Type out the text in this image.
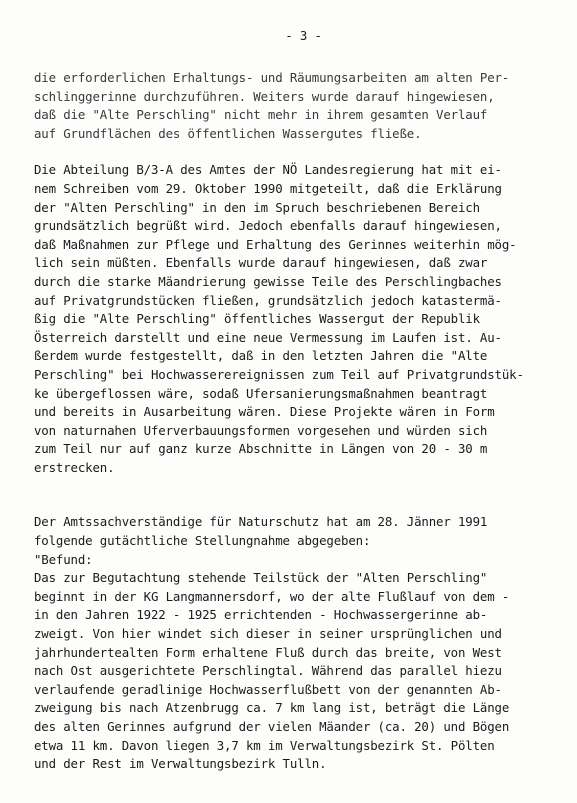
- 3 -

die erforderlichen Erhaltungs- und Räumungsarbeiten am alten Per-
schlinggerinne durchzuführen. Weiters wurde darauf hingewiesen,
daß die "Alte Perschling" nicht mehr in ihrem gesamten Verlauf
auf Grundflächen des öffentlichen Wassergutes fließe.

Die Abteilung B/3-A des Amtes der NÖ Landesregierung hat mit ei-
nem Schreiben vom 29. Oktober 1990 mitgeteilt, daß die Erklärung
der "Alten Perschling" in den im Spruch beschriebenen Bereich
grundsätzlich begrüßt wird. Jedoch ebenfalls darauf hingewiesen,
daß Maßnahmen zur Pflege und Erhaltung des Gerinnes weiterhin mög-
lich sein müßten. Ebenfalls wurde darauf hingewiesen, daß zwar
durch die starke Mäandrierung gewisse Teile des Perschlingbaches
auf Privatgrundstücken fließen, grundsätzlich jedoch katastermä-
ßig die "Alte Perschling" öffentliches Wassergut der Republik
Österreich darstellt und eine neue Vermessung im Laufen ist. Au-
ßerdem wurde festgestellt, daß in den letzten Jahren die "Alte
Perschling" bei Hochwasserereignissen zum Teil auf Privatgrundstük-
ke übergeflossen wäre, sodaß Ufersanierungsmaßnahmen beantragt
und bereits in Ausarbeitung wären. Diese Projekte wären in Form
von naturnahen Uferverbauungsformen vorgesehen und würden sich
zum Teil nur auf ganz kurze Abschnitte in Längen von 20 - 30 m
erstrecken.

Der Amtssachverständige für Naturschutz hat am 28. Jänner 1991
folgende gutächtliche Stellungnahme abgegeben:
"Befund:
Das zur Begutachtung stehende Teilstück der "Alten Perschling"
beginnt in der KG Langmannersdorf, wo der alte Flußlauf von dem -
in den Jahren 1922 - 1925 errichtenden - Hochwassergerinne ab-
zweigt. Von hier windet sich dieser in seiner ursprünglichen und
jahrhundertealten Form erhaltene Fluß durch das breite, von West
nach Ost ausgerichtete Perschlingtal. Während das parallel hiezu
verlaufende geradlinige Hochwasserflußbett von der genannten Ab-
zweigung bis nach Atzenbrugg ca. 7 km lang ist, beträgt die Länge
des alten Gerinnes aufgrund der vielen Mäander (ca. 20) und Bögen
etwa 11 km. Davon liegen 3,7 km im Verwaltungsbezirk St. Pölten
und der Rest im Verwaltungsbezirk Tulln.
